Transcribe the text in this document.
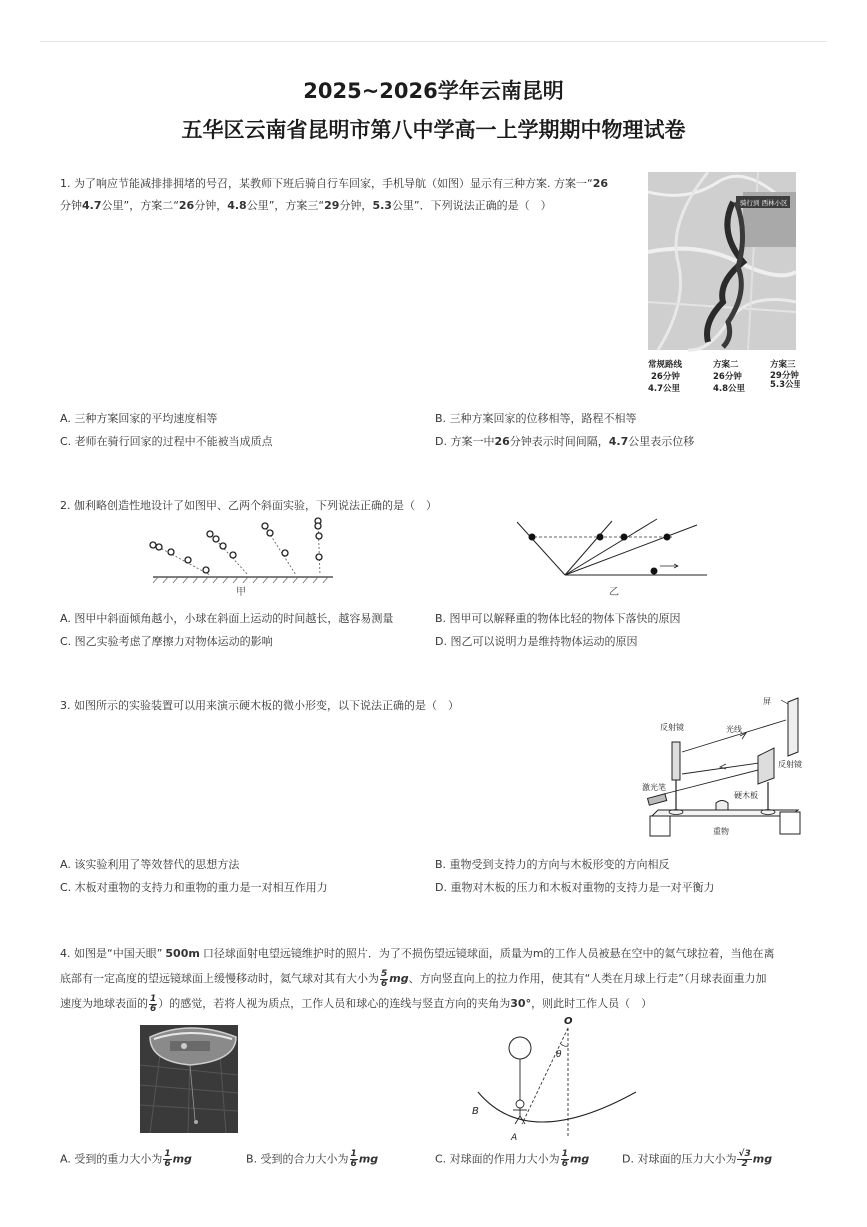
2025~2026学年云南昆明
五华区云南省昆明市第八中学高一上学期期中物理试卷
1. 为了响应节能减排排拥堵的号召，某教师下班后骑自行车回家，手机导航（如图）显示有三种方案. 方案一“26
分钟4.7公里”，方案二“26分钟，4.8公里”，方案三“29分钟，5.3公里”．下列说法正确的是（　）	骑行到 西林小区
常规路线	方案二	方案三
26分钟	26分钟	29分钟
4.7公里	4.8公里	5.3公里
A. 三种方案回家的平均速度相等	B. 三种方案回家的位移相等，路程不相等
C. 老师在骑行回家的过程中不能被当成质点	D. 方案一中26分钟表示时间间隔，4.7公里表示位移
2. 伽利略创造性地设计了如图甲、乙两个斜面实验，下列说法正确的是（　）
甲	乙
A. 图甲中斜面倾角越小，小球在斜面上运动的时间越长，越容易测量	B. 图甲可以解释重的物体比轻的物体下落快的原因
C. 图乙实验考虑了摩擦力对物体运动的影响	D. 图乙可以说明力是维持物体运动的原因
3. 如图所示的实验装置可以用来演示硬木板的微小形变，以下说法正确的是（　）	屏
反射镜	光线
反射镜
激光笔
硬木板
重物
A. 该实验利用了等效替代的思想方法	B. 重物受到支持力的方向与木板形变的方向相反
C. 木板对重物的支持力和重物的重力是一对相互作用力	D. 重物对木板的压力和木板对重物的支持力是一对平衡力
4. 如图是“中国天眼” 500m 口径球面射电望远镜维护时的照片．为了不损伤望远镜球面，质量为m的工作人员被悬在空中的氦气球拉着，当他在离
底部有一定高度的望远镜球面上缓慢移动时，氦气球对其有大小为 $\frac{5}{6}$ mg、方向竖直向上的拉力作用，使其有“人类在月球上行走”（月球表面重力加
速度为地球表面的 $\frac{1}{6}$ ）的感觉，若将人视为质点，工作人员和球心的连线与竖直方向的夹角为30°，则此时工作人员（　）
O
θ
B
A
A. 受到的重力大小为 $\frac{1}{6}$ mg	B. 受到的合力大小为 $\frac{1}{6}$ mg	C. 对球面的作用力大小为 $\frac{1}{6}$ mg	D. 对球面的压力大小为 $\frac{√3}{2}$ mg
